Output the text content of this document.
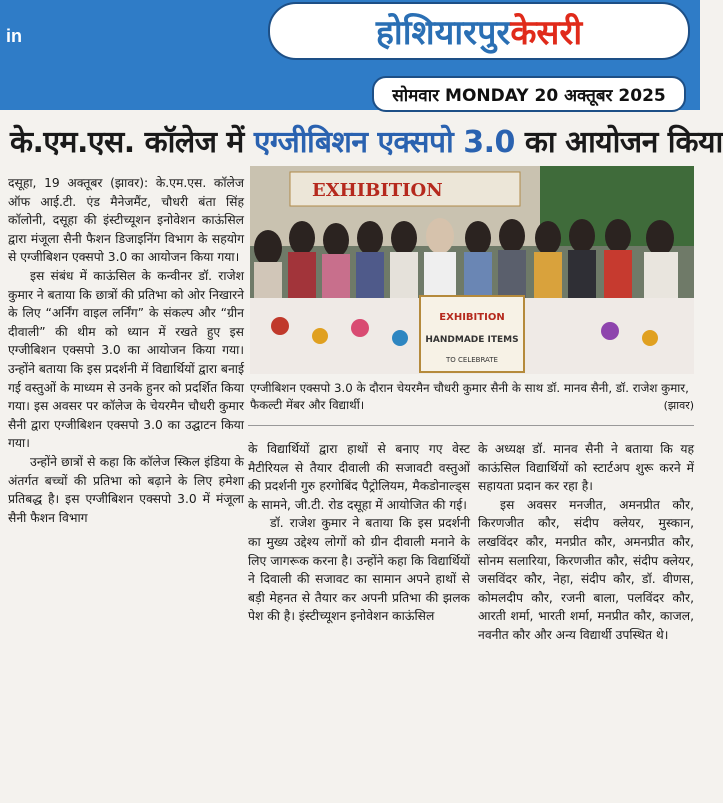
in	होशियारपुर केसरी
सोमवार MONDAY 20 अक्तूबर 2025
के.एम.एस. कॉलेज में
एग्जीबिशन एक्सपो 3.0
का आयोजन किया

दसूहा, 19 अक्तूबर (झावर): के.एम.एस. कॉलेज ऑफ आई.टी. एंड मैनेजमैंट, चौधरी बंता सिंह कॉलोनी, दसूहा की इंस्टीच्यूशन इनोवेशन काऊंसिल द्वारा मंजूला सैनी फैशन डिजाइनिंग विभाग के सहयोग से एग्जीबिशन एक्सपो 3.0 का आयोजन किया गया।

इस संबंध में काऊंसिल के कन्वीनर डॉ. राजेश कुमार ने बताया कि छात्रों की प्रतिभा को ओर निखारने के लिए “अर्निंग वाइल लर्निंग” के संकल्प और “ग्रीन दीवाली” की थीम को ध्यान में रखते हुए इस एग्जीबिशन एक्सपो 3.0 का आयोजन किया गया। उन्होंने बताया कि इस प्रदर्शनी में विद्यार्थियों द्वारा बनाई गई वस्तुओं के माध्यम से उनके हुनर को प्रदर्शित किया गया। इस अवसर पर कॉलेज के चेयरमैन चौधरी कुमार सैनी द्वारा एग्जीबिशन एक्सपो 3.0 का उद्घाटन किया गया।

उन्होंने छात्रों से कहा कि कॉलेज स्किल इंडिया के अंतर्गत बच्चों की प्रतिभा को बढ़ाने के लिए हमेशा प्रतिबद्ध है। इस एग्जीबिशन एक्सपो 3.0 में मंजूला सैनी फैशन विभाग

EXHIBITION
EXHIBITION
HANDMADE ITEMS
TO CELEBRATE
एग्जीबिशन एक्सपो 3.0 के दौरान चेयरमैन चौधरी कुमार सैनी के साथ डॉ. मानव सैनी, डॉ. राजेश कुमार, फैकल्टी मेंबर और विद्यार्थी।	(झावर)

के विद्यार्थियों द्वारा हाथों से बनाए गए वेस्ट मैटीरियल से तैयार दीवाली की सजावटी वस्तुओं की प्रदर्शनी गुरु हरगोबिंद पैट्रोलियम, मैकडोनाल्ड्स के सामने, जी.टी. रोड दसूहा में आयोजित की गई।

डॉ. राजेश कुमार ने बताया कि इस प्रदर्शनी का मुख्य उद्देश्य लोगों को ग्रीन दीवाली मनाने के लिए जागरूक करना है। उन्होंने कहा कि विद्यार्थियों ने दिवाली की सजावट का सामान अपने हाथों से बड़ी मेहनत से तैयार कर अपनी प्रतिभा की झलक पेश की है। इंस्टीच्यूशन इनोवेशन काऊंसिल

के अध्यक्ष डॉ. मानव सैनी ने बताया कि यह काऊंसिल विद्यार्थियों को स्टार्टअप शुरू करने में सहायता प्रदान कर रहा है।

इस अवसर मनजीत, अमनप्रीत कौर, किरणजीत कौर, संदीप क्लेयर, मुस्कान, लखविंदर कौर, मनप्रीत कौर, अमनप्रीत कौर, सोनम सलारिया, किरणजीत कौर, संदीप क्लेयर, जसविंदर कौर, नेहा, संदीप कौर, डॉ. वीणस, कोमलदीप कौर, रजनी बाला, पलविंदर कौर, आरती शर्मा, भारती शर्मा, मनप्रीत कौर, काजल, नवनीत कौर और अन्य विद्यार्थी उपस्थित थे।
